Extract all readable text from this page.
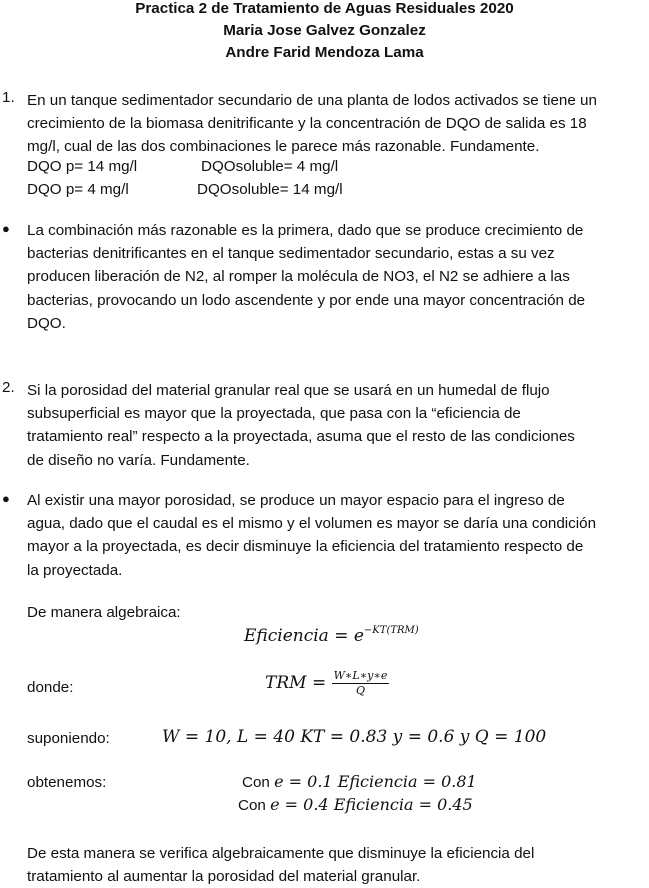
Practica 2 de Tratamiento de Aguas Residuales 2020
Maria Jose Galvez Gonzalez
Andre Farid Mendoza Lama
1. En un tanque sedimentador secundario de una planta de lodos activados se tiene un
crecimiento de la biomasa denitrificante y la concentración de DQO de salida es 18
mg/l, cual de las dos combinaciones le parece más razonable. Fundamente.
DQO p= 14 mg/l	DQOsoluble= 4 mg/l
DQO p= 4 mg/l	DQOsoluble= 14 mg/l
● La combinación más razonable es la primera, dado que se produce crecimiento de
bacterias denitrificantes en el tanque sedimentador secundario, estas a su vez
producen liberación de N2, al romper la molécula de NO3, el N2 se adhiere a las
bacterias, provocando un lodo ascendente y por ende una mayor concentración de
DQO.
2. Si la porosidad del material granular real que se usará en un humedal de flujo
subsuperficial es mayor que la proyectada, que pasa con la “eficiencia de
tratamiento real” respecto a la proyectada, asuma que el resto de las condiciones
de diseño no varía. Fundamente.
● Al existir una mayor porosidad, se produce un mayor espacio para el ingreso de
agua, dado que el caudal es el mismo y el volumen es mayor se daría una condición
mayor a la proyectada, es decir disminuye la eficiencia del tratamiento respecto de
la proyectada.
De manera algebraica:
Eficiencia = $e^{-KT(TRM)}$
donde:	TRM = $\frac{W∗L∗y∗e}{Q}$
suponiendo:	W = 10, L = 40 KT = 0.83 y = 0.6 y Q = 100
obtenemos:	Con e = 0.1 Eficiencia = 0.81
Con e = 0.4 Eficiencia = 0.45
De esta manera se verifica algebraicamente que disminuye la eficiencia del
tratamiento al aumentar la porosidad del material granular.
